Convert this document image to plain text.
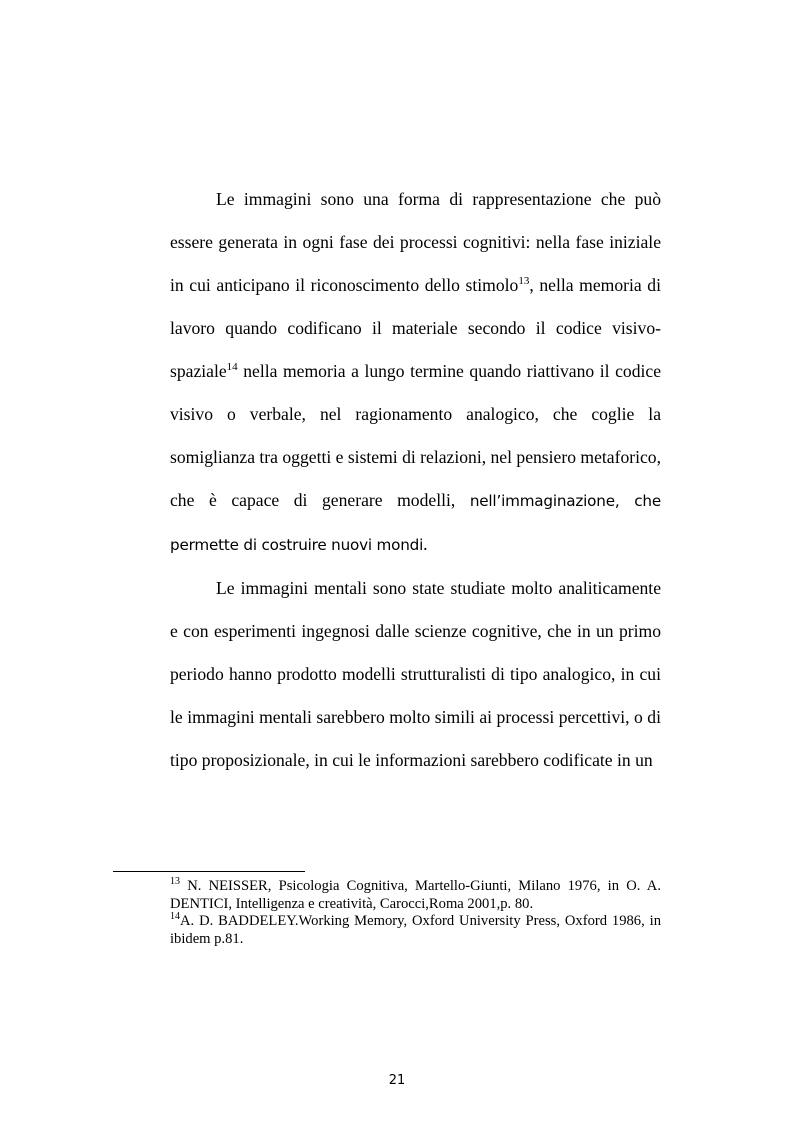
Le immagini sono una forma di rappresentazione che può essere generata in ogni fase dei processi cognitivi: nella fase iniziale in cui anticipano il riconoscimento dello stimolo$^{13}$, nella memoria di lavoro quando codificano il materiale secondo il codice visivo-spaziale$^{14}$ nella memoria a lungo termine quando riattivano il codice visivo o verbale, nel ragionamento analogico, che coglie la somiglianza tra oggetti e sistemi di relazioni, nel pensiero metaforico, che è capace di generare modelli, nell’immaginazione, che permette di costruire nuovi mondi.

Le immagini mentali sono state studiate molto analiticamente e con esperimenti ingegnosi dalle scienze cognitive, che in un primo periodo hanno prodotto modelli strutturalisti di tipo analogico, in cui le immagini mentali sarebbero molto simili ai processi percettivi, o di tipo proposizionale, in cui le informazioni sarebbero codificate in un

$^{13}$ N. NEISSER, Psicologia Cognitiva, Martello-Giunti, Milano 1976, in O. A. DENTICI, Intelligenza e creatività, Carocci,Roma 2001,p. 80.

$^{14}$A. D. BADDELEY.Working Memory, Oxford University Press, Oxford 1986, in ibidem p.81.

21
